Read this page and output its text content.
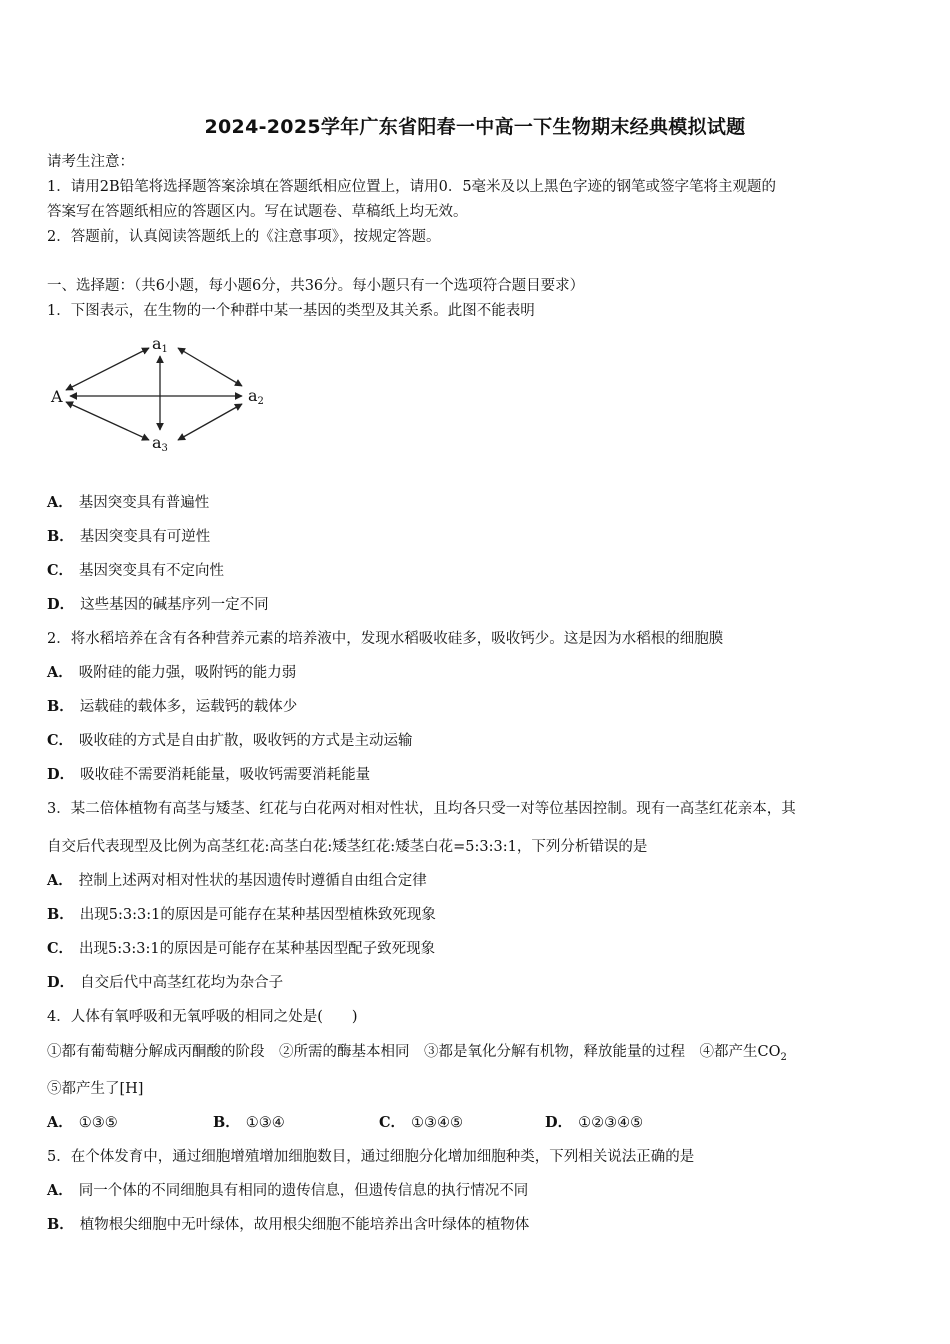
2024-2025学年广东省阳春一中高一下生物期末经典模拟试题
请考生注意：
1．请用2B铅笔将选择题答案涂填在答题纸相应位置上，请用0．5毫米及以上黑色字迹的钢笔或签字笔将主观题的
答案写在答题纸相应的答题区内。写在试题卷、草稿纸上均无效。
2．答题前，认真阅读答题纸上的《注意事项》，按规定答题。
一、选择题：（共6小题，每小题6分，共36分。每小题只有一个选项符合题目要求）
1．下图表示，在生物的一个种群中某一基因的类型及其关系。此图不能表明
A
a1
a2
a3
A． 基因突变具有普遍性
B． 基因突变具有可逆性
C． 基因突变具有不定向性
D． 这些基因的碱基序列一定不同
2．将水稻培养在含有各种营养元素的培养液中，发现水稻吸收硅多，吸收钙少。这是因为水稻根的细胞膜
A． 吸附硅的能力强，吸附钙的能力弱
B． 运载硅的载体多，运载钙的载体少
C． 吸收硅的方式是自由扩散，吸收钙的方式是主动运输
D． 吸收硅不需要消耗能量，吸收钙需要消耗能量
3．某二倍体植物有高茎与矮茎、红花与白花两对相对性状，且均各只受一对等位基因控制。现有一高茎红花亲本，其
自交后代表现型及比例为高茎红花:高茎白花:矮茎红花:矮茎白花=5:3:3:1，下列分析错误的是
A． 控制上述两对相对性状的基因遗传时遵循自由组合定律
B． 出现5:3:3:1的原因是可能存在某种基因型植株致死现象
C． 出现5:3:3:1的原因是可能存在某种基因型配子致死现象
D． 自交后代中高茎红花均为杂合子
4．人体有氧呼吸和无氧呼吸的相同之处是(　　)
①都有葡萄糖分解成丙酮酸的阶段　②所需的酶基本相同　③都是氧化分解有机物，释放能量的过程　④都产生$CO_2$
⑤都产生了[H]
A． ①③⑤	B． ①③④	C． ①③④⑤	D． ①②③④⑤
5．在个体发育中，通过细胞增殖增加细胞数目，通过细胞分化增加细胞种类，下列相关说法正确的是
A． 同一个体的不同细胞具有相同的遗传信息，但遗传信息的执行情况不同
B． 植物根尖细胞中无叶绿体，故用根尖细胞不能培养出含叶绿体的植物体
